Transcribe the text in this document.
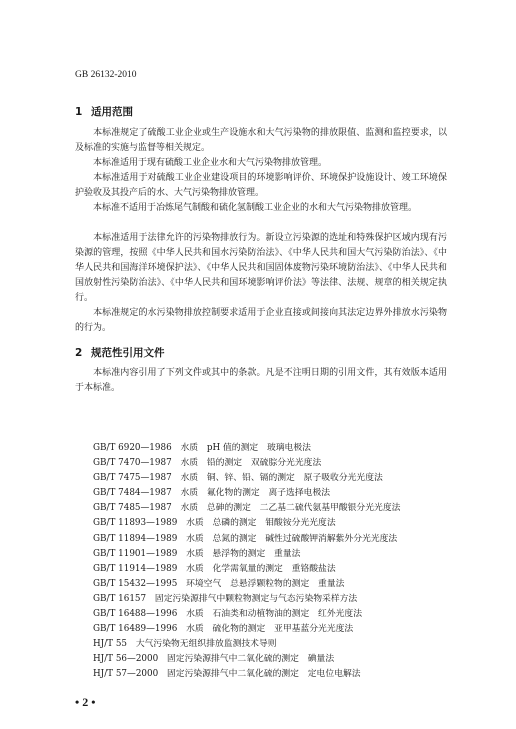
GB 26132-2010
1 适用范围
本标准规定了硫酸工业企业或生产设施水和大气污染物的排放限值、监测和监控要求，以及标准的实施与监督等相关规定。
本标准适用于现有硫酸工业企业水和大气污染物排放管理。
本标准适用于对硫酸工业企业建设项目的环境影响评价、环境保护设施设计、竣工环境保护验收及其投产后的水、大气污染物排放管理。
本标准不适用于冶炼尾气制酸和硫化氢制酸工业企业的水和大气污染物排放管理。
本标准适用于法律允许的污染物排放行为。新设立污染源的选址和特殊保护区域内现有污染源的管理，按照《中华人民共和国水污染防治法》、《中华人民共和国大气污染防治法》、《中华人民共和国海洋环境保护法》、《中华人民共和国固体废物污染环境防治法》、《中华人民共和国放射性污染防治法》、《中华人民共和国环境影响评价法》等法律、法规、规章的相关规定执行。
本标准规定的水污染物排放控制要求适用于企业直接或间接向其法定边界外排放水污染物的行为。
2 规范性引用文件
本标准内容引用了下列文件或其中的条款。凡是不注明日期的引用文件，其有效版本适用于本标准。
GB/T 6920—1986　水质　pH 值的测定　玻璃电极法
GB/T 7470—1987　水质　铅的测定　双硫腙分光光度法
GB/T 7475—1987　水质　铜、锌、铅、镉的测定　原子吸收分光光度法
GB/T 7484—1987　水质　氟化物的测定　离子选择电极法
GB/T 7485—1987　水质　总砷的测定　二乙基二硫代氨基甲酸银分光光度法
GB/T 11893—1989　水质　总磷的测定　钼酸铵分光光度法
GB/T 11894—1989　水质　总氮的测定　碱性过硫酸钾消解紫外分光光度法
GB/T 11901—1989　水质　悬浮物的测定　重量法
GB/T 11914—1989　水质　化学需氧量的测定　重铬酸盐法
GB/T 15432—1995　环境空气　总悬浮颗粒物的测定　重量法
GB/T 16157　固定污染源排气中颗粒物测定与气态污染物采样方法
GB/T 16488—1996　水质　石油类和动植物油的测定　红外光度法
GB/T 16489—1996　水质　硫化物的测定　亚甲基蓝分光光度法
HJ/T 55　大气污染物无组织排放监测技术导则
HJ/T 56—2000　固定污染源排气中二氧化硫的测定　碘量法
HJ/T 57—2000　固定污染源排气中二氧化硫的测定　定电位电解法
• 2 •
